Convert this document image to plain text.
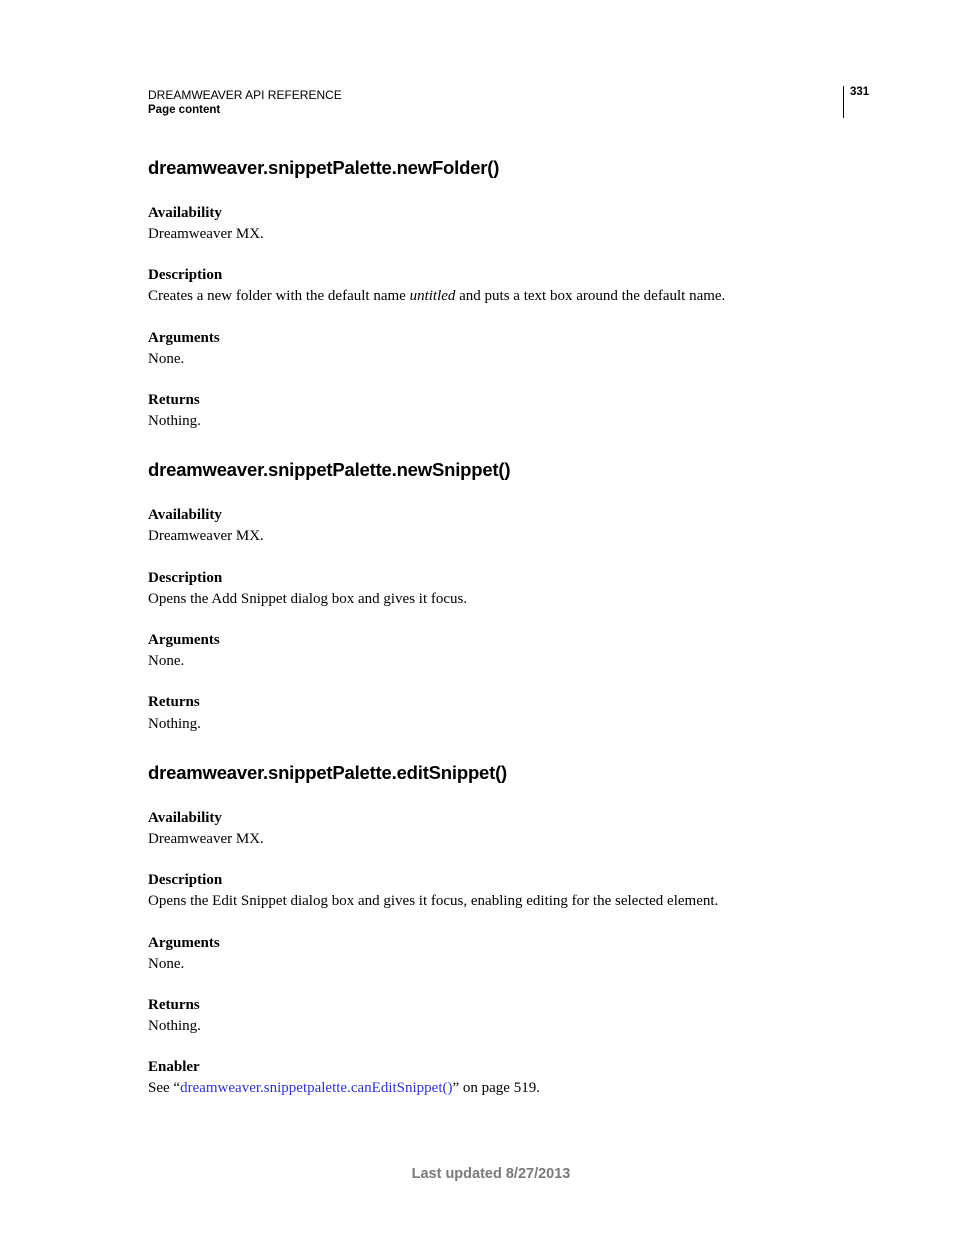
DREAMWEAVER API REFERENCE
Page content
331
dreamweaver.snippetPalette.newFolder()
Availability
Dreamweaver MX.
Description
Creates a new folder with the default name untitled and puts a text box around the default name.
Arguments
None.
Returns
Nothing.
dreamweaver.snippetPalette.newSnippet()
Availability
Dreamweaver MX.
Description
Opens the Add Snippet dialog box and gives it focus.
Arguments
None.
Returns
Nothing.
dreamweaver.snippetPalette.editSnippet()
Availability
Dreamweaver MX.
Description
Opens the Edit Snippet dialog box and gives it focus, enabling editing for the selected element.
Arguments
None.
Returns
Nothing.
Enabler
See “dreamweaver.snippetpalette.canEditSnippet()” on page 519.
Last updated 8/27/2013
